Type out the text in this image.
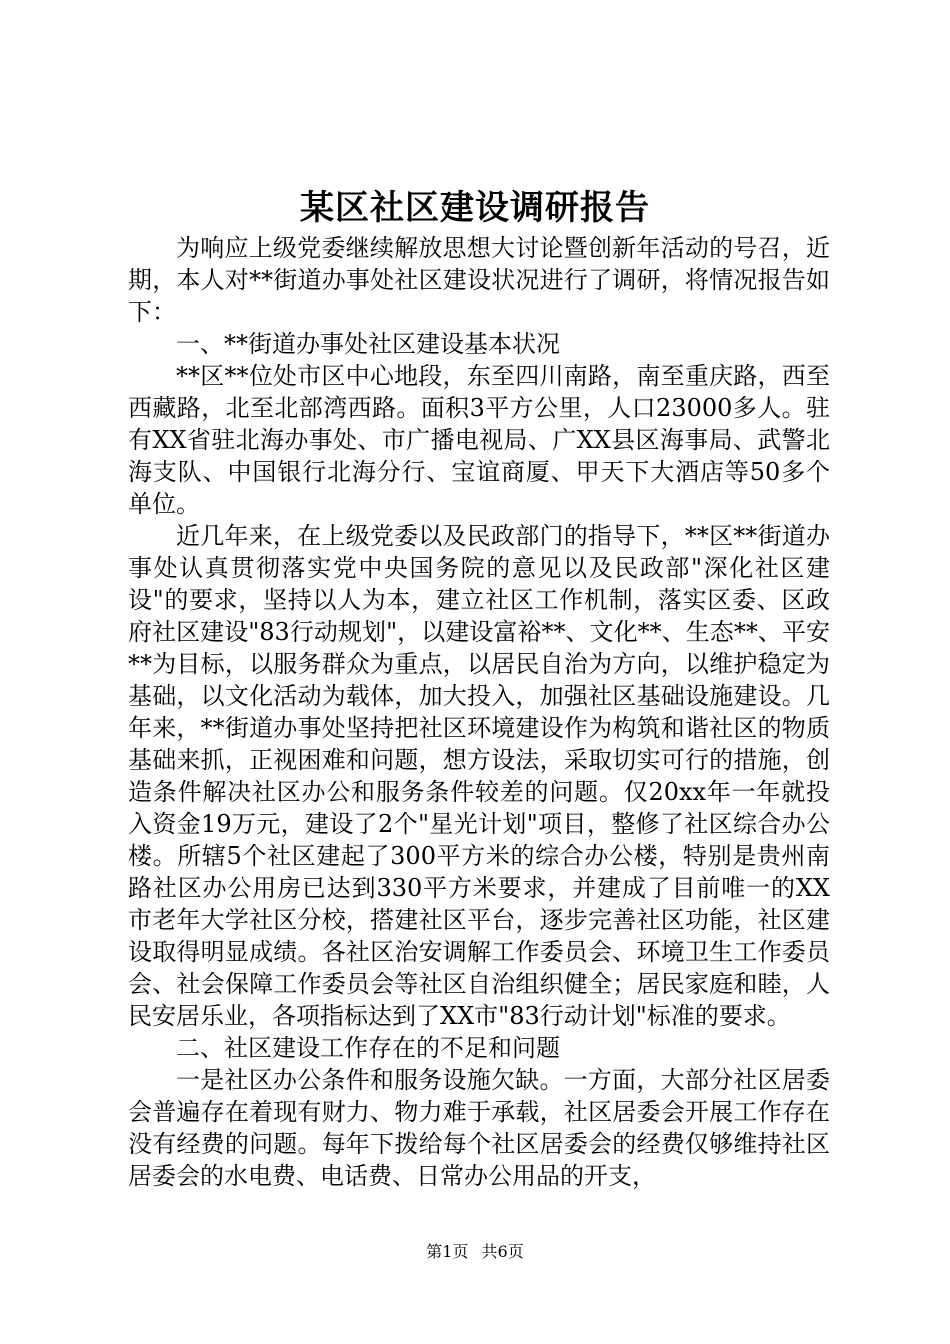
某区社区建设调研报告

为响应上级党委继续解放思想大讨论暨创新年活动的号召，近期，本人对**街道办事处社区建设状况进行了调研，将情况报告如下：

一、**街道办事处社区建设基本状况

**区**位处市区中心地段，东至四川南路，南至重庆路，西至西藏路，北至北部湾西路。面积3平方公里，人口23000多人。驻有XX省驻北海办事处、市广播电视局、广XX县区海事局、武警北海支队、中国银行北海分行、宝谊商厦、甲天下大酒店等50多个单位。

近几年来，在上级党委以及民政部门的指导下，**区**街道办事处认真贯彻落实党中央国务院的意见以及民政部"深化社区建设"的要求，坚持以人为本，建立社区工作机制，落实区委、区政府社区建设"83行动规划"，以建设富裕**、文化**、生态**、平安**为目标，以服务群众为重点，以居民自治为方向，以维护稳定为基础，以文化活动为载体，加大投入，加强社区基础设施建设。几年来，**街道办事处坚持把社区环境建设作为构筑和谐社区的物质基础来抓，正视困难和问题，想方设法，采取切实可行的措施，创造条件解决社区办公和服务条件较差的问题。仅20xx年一年就投入资金19万元，建设了2个"星光计划"项目，整修了社区综合办公楼。所辖5个社区建起了300平方米的综合办公楼，特别是贵州南路社区办公用房已达到330平方米要求，并建成了目前唯一的XX市老年大学社区分校，搭建社区平台，逐步完善社区功能，社区建设取得明显成绩。各社区治安调解工作委员会、环境卫生工作委员会、社会保障工作委员会等社区自治组织健全；居民家庭和睦，人民安居乐业，各项指标达到了XX市"83行动计划"标准的要求。

二、社区建设工作存在的不足和问题

一是社区办公条件和服务设施欠缺。一方面，大部分社区居委会普遍存在着现有财力、物力难于承载，社区居委会开展工作存在没有经费的问题。每年下拨给每个社区居委会的经费仅够维持社区居委会的水电费、电话费、日常办公用品的开支，

第1页 共6页
